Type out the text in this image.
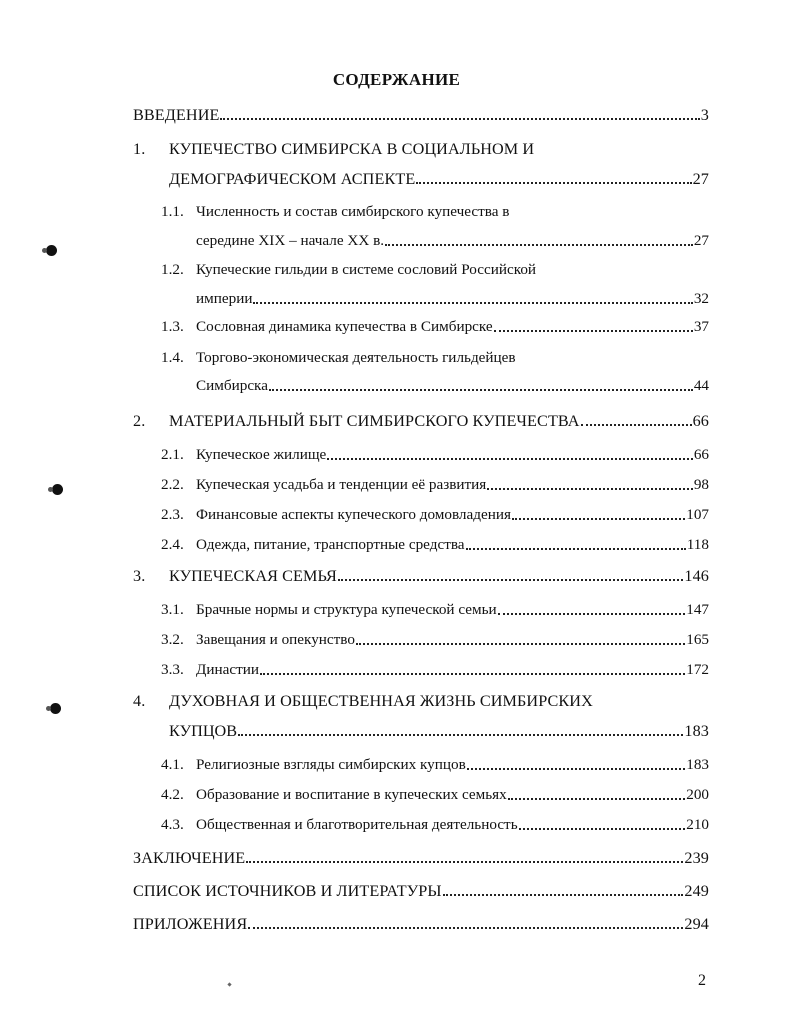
СОДЕРЖАНИЕ
ВВЕДЕНИЕ	3
1. КУПЕЧЕСТВО СИМБИРСКА В СОЦИАЛЬНОМ И
ДЕМОГРАФИЧЕСКОМ АСПЕКТЕ	27
1.1. Численность и состав симбирского купечества в
середине XIX – начале XX в.	27
1.2. Купеческие гильдии в системе сословий Российской
империи	32
1.3. Сословная динамика купечества в Симбирске	37
1.4. Торгово-экономическая деятельность гильдейцев
Симбирска	44
2. МАТЕРИАЛЬНЫЙ БЫТ СИМБИРСКОГО КУПЕЧЕСТВА	66
2.1. Купеческое жилище	66
2.2. Купеческая усадьба и тенденции её развития	98
2.3. Финансовые аспекты купеческого домовладения	107
2.4. Одежда, питание, транспортные средства	118
3. КУПЕЧЕСКАЯ СЕМЬЯ	146
3.1. Брачные нормы и структура купеческой семьи	147
3.2. Завещания и опекунство	165
3.3. Династии	172
4. ДУХОВНАЯ И ОБЩЕСТВЕННАЯ ЖИЗНЬ СИМБИРСКИХ
КУПЦОВ	183
4.1. Религиозные взгляды симбирских купцов	183
4.2. Образование и воспитание в купеческих семьях	200
4.3. Общественная и благотворительная деятельность	210
ЗАКЛЮЧЕНИЕ	239
СПИСОК ИСТОЧНИКОВ И ЛИТЕРАТУРЫ	249
ПРИЛОЖЕНИЯ	294
2
